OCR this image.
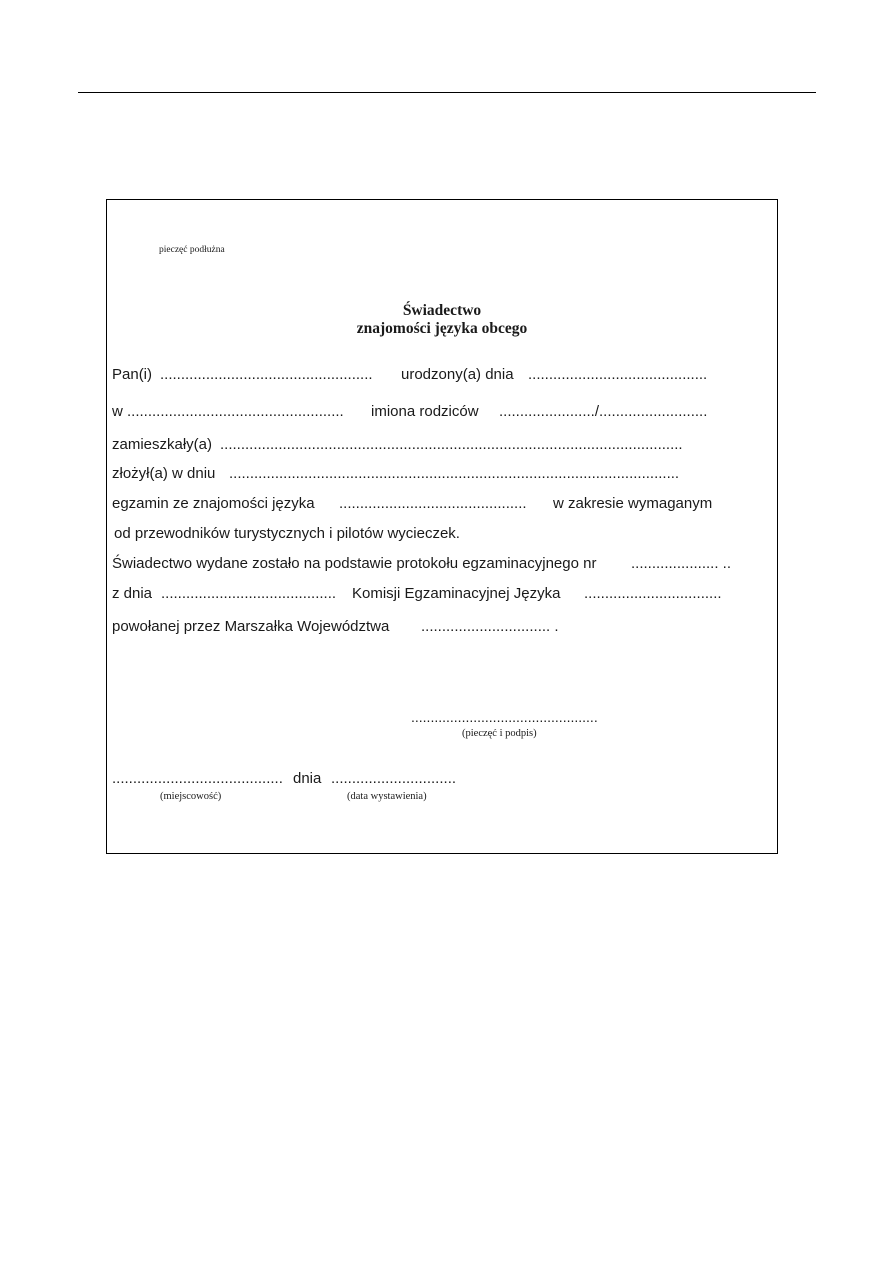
pieczęć podłużna
Świadectwo
znajomości języka obcego
Pan(i) ................................................... urodzony(a) dnia ...........................................
w .................................................... imiona rodziców ......................./..........................
zamieszkały(a) ...............................................................................................................
złożył(a) w dniu ............................................................................................................
egzamin ze znajomości języka ............................................. w zakresie wymaganym
od przewodników turystycznych i pilotów wycieczek.
Świadectwo wydane zostało na podstawie protokołu egzaminacyjnego nr ..................... ..
z dnia .......................................... Komisji Egzaminacyjnej Języka .................................
powołanej przez Marszałka Województwa ............................... .
................................................
(pieczęć i podpis)
......................................... dnia ..............................
(miejscowość)	(data wystawienia)
